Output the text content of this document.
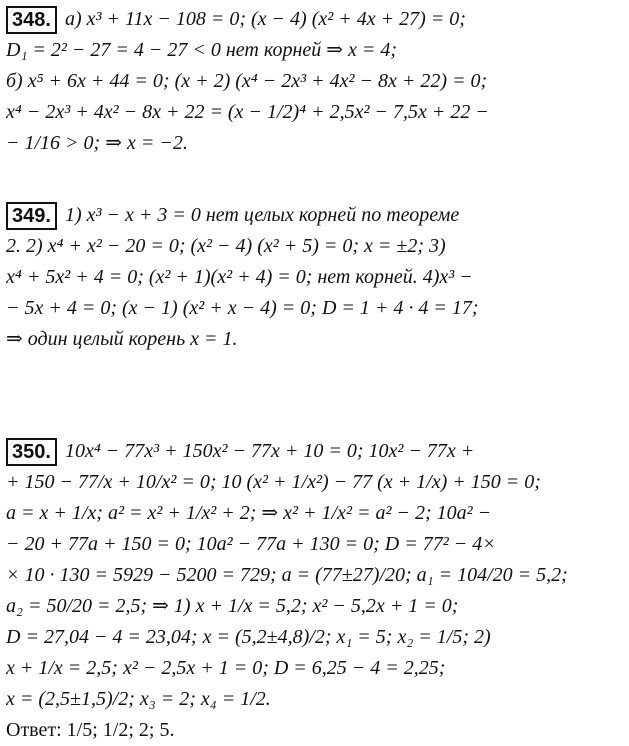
348. а) x³ + 11x − 108 = 0; (x − 4) (x² + 4x + 27) = 0;
D₁ = 2² − 27 = 4 − 27 < 0 нет корней ⇒ x = 4;
б) x⁵ + 6x + 44 = 0; (x + 2) (x⁴ − 2x³ + 4x² − 8x + 22) = 0;
x⁴ − 2x³ + 4x² − 8x + 22 = (x − 1/2)⁴ + 2,5x² − 7,5x + 22 −
− 1/16 > 0; ⇒ x = −2.
349. 1) x³ − x + 3 = 0 нет целых корней по теореме
2. 2) x⁴ + x² − 20 = 0; (x² − 4) (x² + 5) = 0; x = ±2; 3)
x⁴ + 5x² + 4 = 0; (x² + 1)(x² + 4) = 0; нет корней. 4)x³ −
− 5x + 4 = 0; (x − 1) (x² + x − 4) = 0; D = 1 + 4 · 4 = 17;
⇒ один целый корень x = 1.
350. 10x⁴ − 77x³ + 150x² − 77x + 10 = 0; 10x² − 77x +
+ 150 − 77/x + 10/x² = 0; 10 (x² + 1/x²) − 77 (x + 1/x) + 150 = 0;
a = x + 1/x; a² = x² + 1/x² + 2; ⇒ x² + 1/x² = a² − 2; 10a² −
− 20 + 77a + 150 = 0; 10a² − 77a + 130 = 0; D = 77² − 4×
× 10 · 130 = 5929 − 5200 = 729; a = (77±27)/20; a₁ = 104/20 = 5,2;
a₂ = 50/20 = 2,5; ⇒ 1) x + 1/x = 5,2; x² − 5,2x + 1 = 0;
D = 27,04 − 4 = 23,04; x = (5,2±4,8)/2; x₁ = 5; x₂ = 1/5; 2)
x + 1/x = 2,5; x² − 2,5x + 1 = 0; D = 6,25 − 4 = 2,25;
x = (2,5±1,5)/2; x₃ = 2; x₄ = 1/2.
Ответ: 1/5; 1/2; 2; 5.
